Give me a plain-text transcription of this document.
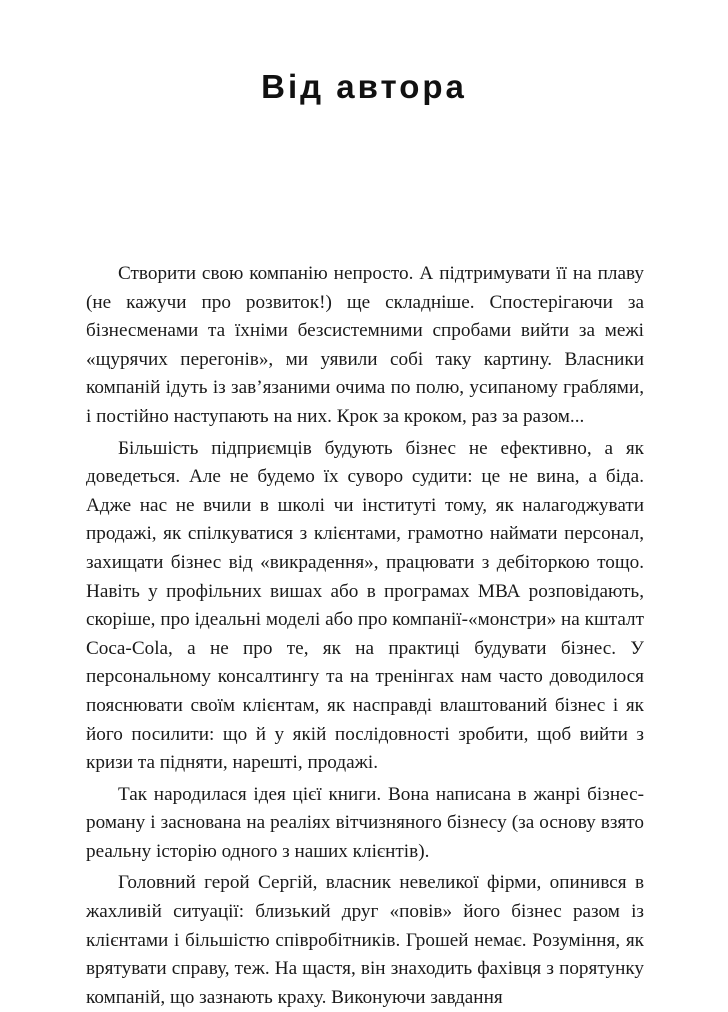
Від автора

Створити свою компанію непросто. А підтримувати її на плаву (не кажучи про розвиток!) ще складніше. Спостерігаючи за бізнесменами та їхніми безсистемними спробами вийти за межі «щурячих перегонів», ми уявили собі таку картину. Власники компаній ідуть із зав’язаними очима по полю, усипаному граблями, і постійно наступають на них. Крок за кроком, раз за разом...

Більшість підприємців будують бізнес не ефективно, а як доведеться. Але не будемо їх суворо судити: це не вина, а біда. Адже нас не вчили в школі чи інституті тому, як налагоджувати продажі, як спілкуватися з клієнтами, грамотно наймати персонал, захищати бізнес від «викрадення», працювати з дебіторкою тощо. Навіть у профільних вишах або в програмах МВА розповідають, скоріше, про ідеальні моделі або про компанії-«монстри» на кшталт Coca-Cola, а не про те, як на практиці будувати бізнес. У персональному консалтингу та на тренінгах нам часто доводилося пояснювати своїм клієнтам, як насправді влаштований бізнес і як його посилити: що й у якій послідовності зробити, щоб вийти з кризи та підняти, нарешті, продажі.

Так народилася ідея цієї книги. Вона написана в жанрі бізнес-роману і заснована на реаліях вітчизняного бізнесу (за основу взято реальну історію одного з наших клієнтів).

Головний герой Сергій, власник невеликої фірми, опинився в жахливій ситуації: близький друг «повів» його бізнес разом із клієнтами і більшістю співробітників. Грошей немає. Розуміння, як врятувати справу, теж. На щастя, він знаходить фахівця з порятунку компаній, що зазнають краху. Виконуючи завдання
